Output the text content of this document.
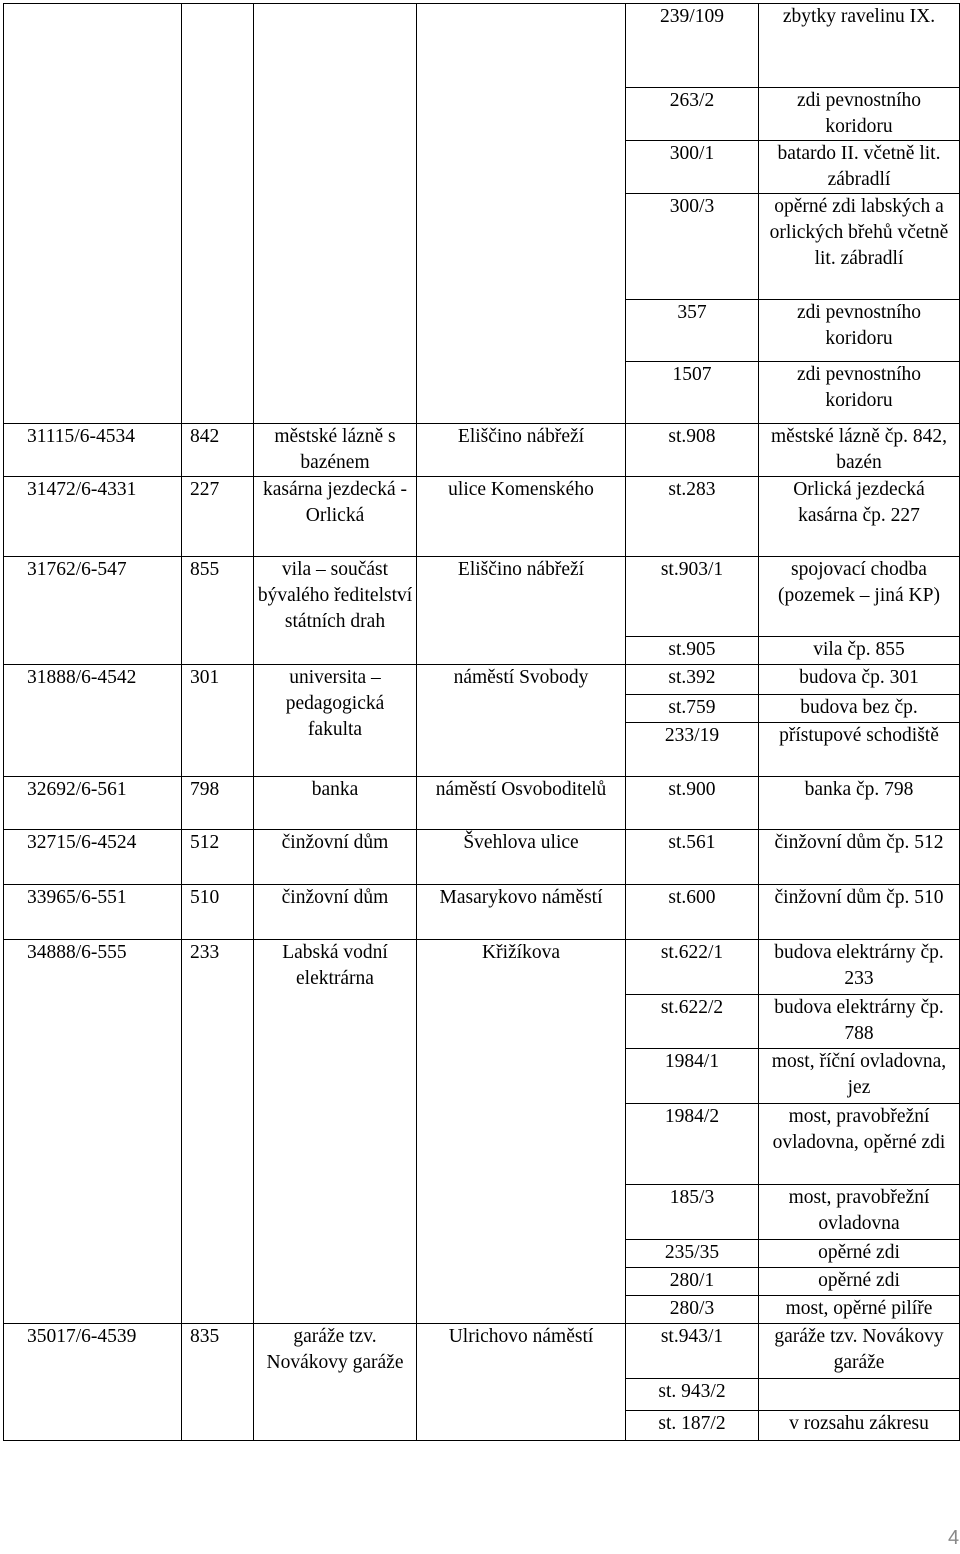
				239/109	zbytky ravelinu IX.
				263/2	zdi pevnostního koridoru
				300/1	batardo II. včetně lit. zábradlí
				300/3	opěrné zdi labských a orlických břehů včetně lit. zábradlí
				357	zdi pevnostního koridoru
				1507	zdi pevnostního koridoru
31115/6-4534	842	městské lázně s bazénem	Eliščino nábřeží	st.908	městské lázně čp. 842, bazén
31472/6-4331	227	kasárna jezdecká - Orlická	ulice Komenského	st.283	Orlická jezdecká kasárna čp. 227
31762/6-547	855	vila – součást bývalého ředitelství státních drah	Eliščino nábřeží	st.903/1	spojovací chodba (pozemek – jiná KP)
				st.905	vila čp. 855
31888/6-4542	301	universita – pedagogická fakulta	náměstí Svobody	st.392	budova čp. 301
				st.759	budova bez čp.
				233/19	přístupové schodiště
32692/6-561	798	banka	náměstí Osvoboditelů	st.900	banka čp. 798
32715/6-4524	512	činžovní dům	Švehlova ulice	st.561	činžovní dům čp. 512
33965/6-551	510	činžovní dům	Masarykovo náměstí	st.600	činžovní dům čp. 510
34888/6-555	233	Labská vodní elektrárna	Křižíkova	st.622/1	budova elektrárny čp. 233
				st.622/2	budova elektrárny čp. 788
				1984/1	most, říční ovladovna, jez
				1984/2	most, pravobřežní ovladovna, opěrné zdi
				185/3	most, pravobřežní ovladovna
				235/35	opěrné zdi
				280/1	opěrné zdi
				280/3	most, opěrné pilíře
35017/6-4539	835	garáže tzv. Novákovy garáže	Ulrichovo náměstí	st.943/1	garáže tzv. Novákovy garáže
				st. 943/2	
				st. 187/2	v rozsahu zákresu
4
